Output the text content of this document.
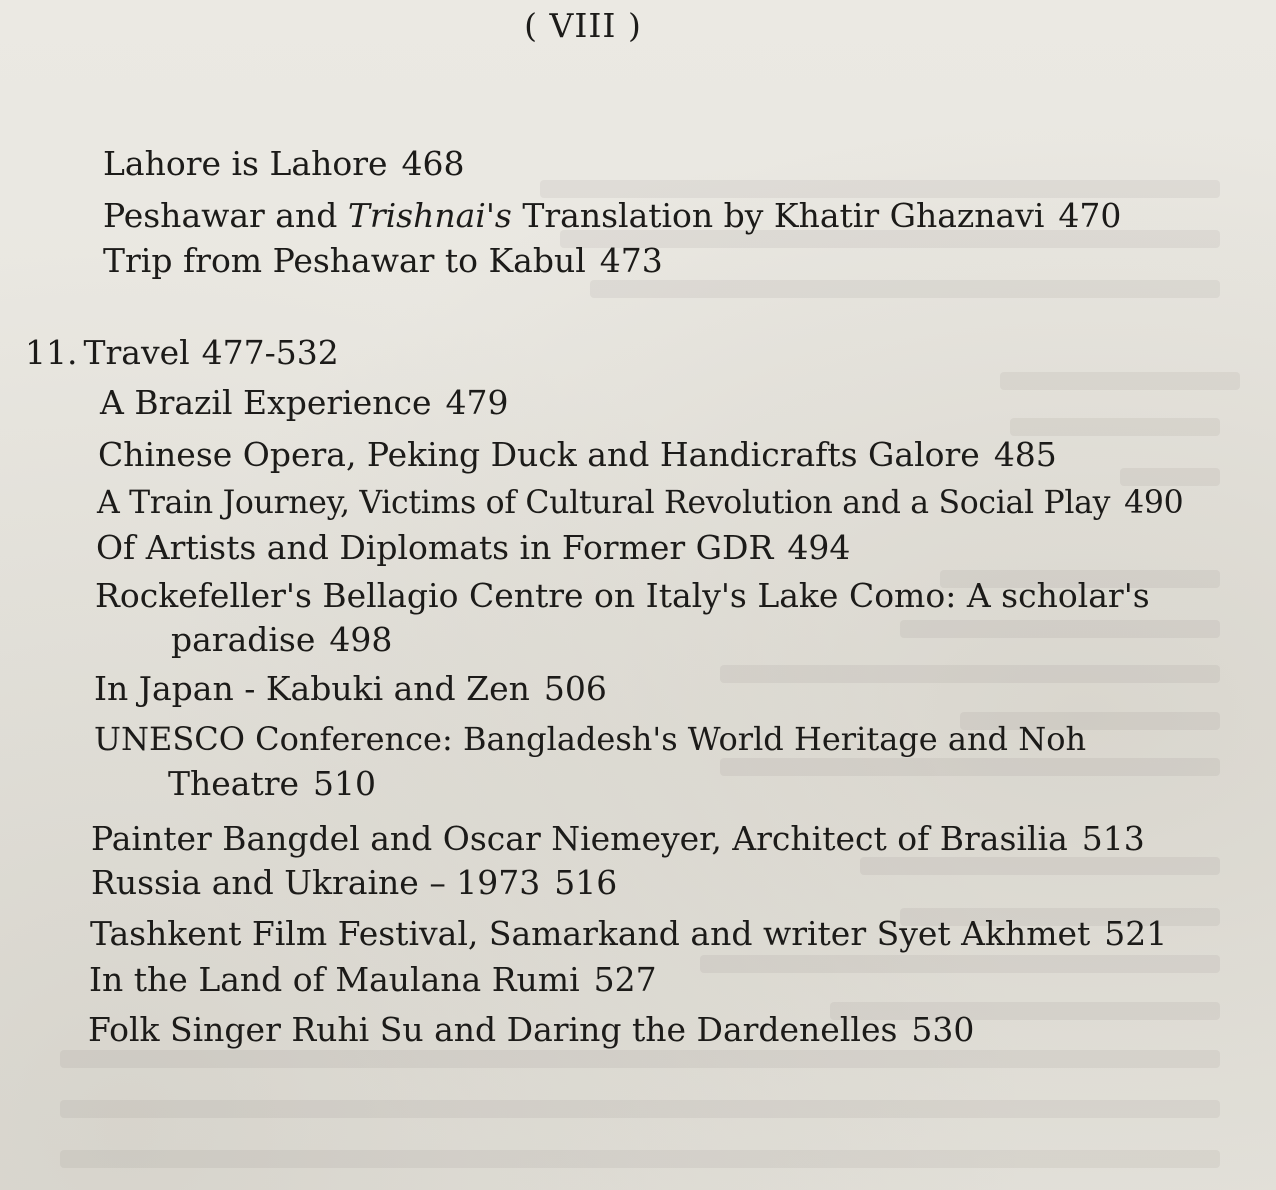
( VIII )
Lahore is Lahore 468
Peshawar and Trishnai's Translation by Khatir Ghaznavi 470
Trip from Peshawar to Kabul 473
11. Travel 477-532
A Brazil Experience 479
Chinese Opera, Peking Duck and Handicrafts Galore 485
A Train Journey, Victims of Cultural Revolution and a Social Play 490
Of Artists and Diplomats in Former GDR 494
Rockefeller's Bellagio Centre on Italy's Lake Como: A scholar's
paradise 498
In Japan - Kabuki and Zen 506
UNESCO Conference: Bangladesh's World Heritage and Noh
Theatre 510
Painter Bangdel and Oscar Niemeyer, Architect of Brasilia 513
Russia and Ukraine – 1973 516
Tashkent Film Festival, Samarkand and writer Syet Akhmet 521
In the Land of Maulana Rumi 527
Folk Singer Ruhi Su and Daring the Dardenelles 530
